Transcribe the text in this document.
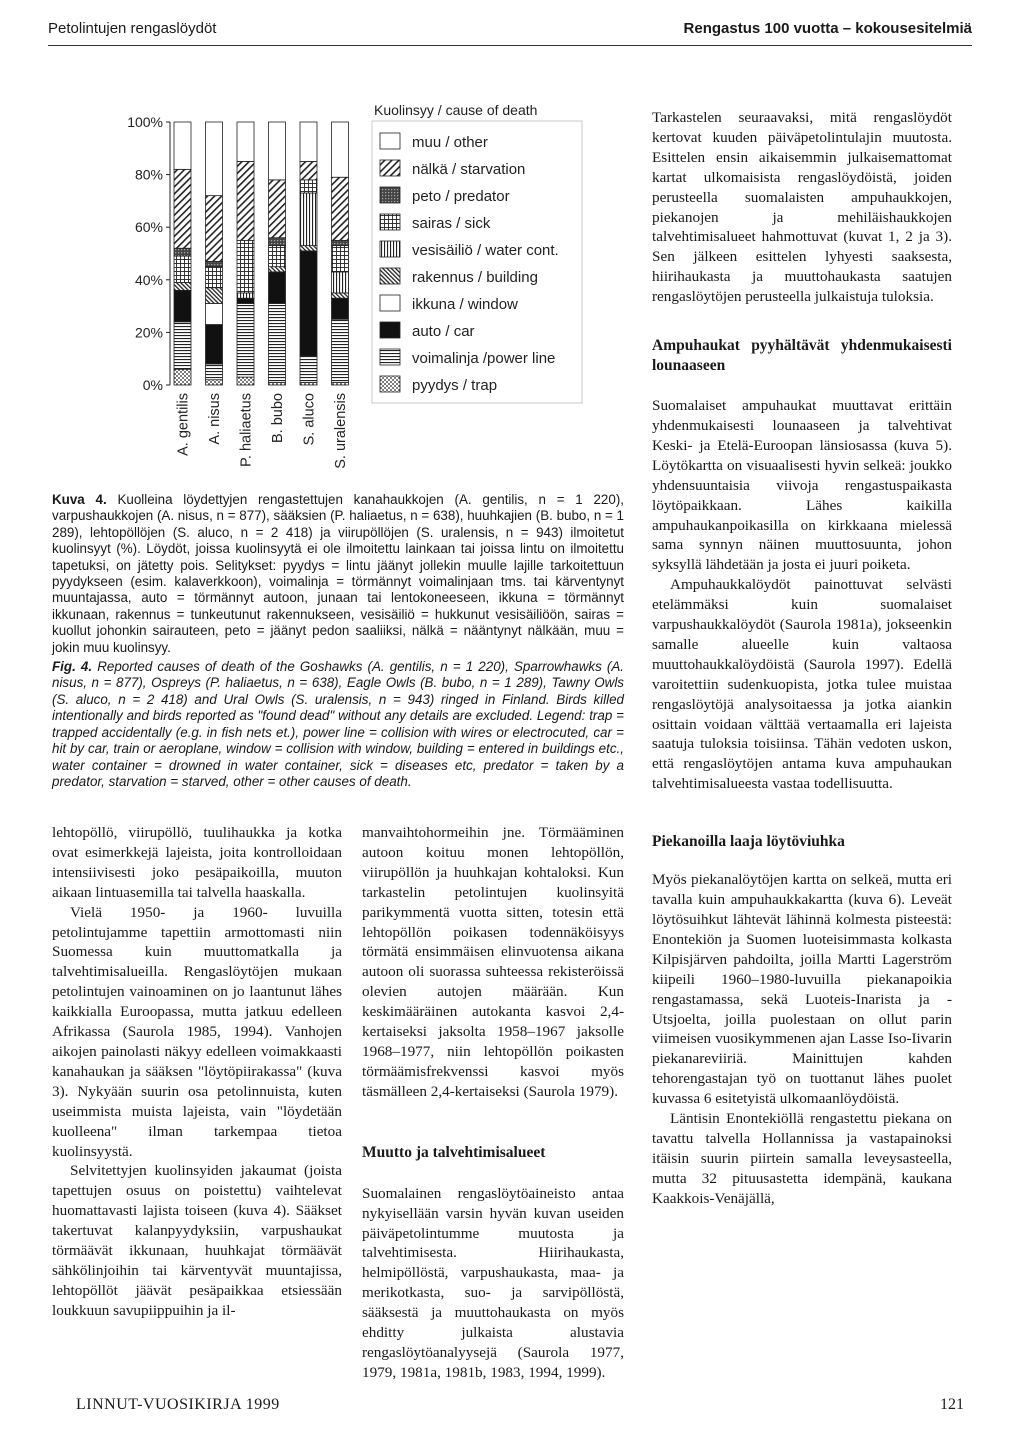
Petolintujen rengaslöydöt	Rengastus 100 vuotta – kokousesitelmiä
0%
20%
40%
60%
80%
100%
A. gentilis A. nisus P. haliaetus B. bubo S. aluco S. uralensis
Kuolinsyy / cause of death
muu / other
nälkä / starvation
peto / predator
sairas / sick
vesisäiliö / water cont.
rakennus / building
ikkuna / window
auto / car
voimalinja /power line
pyydys / trap

Kuva 4. Kuolleina löydettyjen rengastettujen kanahaukkojen (A. gentilis, n = 1 220), varpushaukkojen (A. nisus, n = 877), sääksien (P. haliaetus, n = 638), huuhkajien (B. bubo, n = 1 289), lehtopöllöjen (S. aluco, n = 2 418) ja viirupöllöjen (S. uralensis, n = 943) ilmoitetut kuolinsyyt (%). Löydöt, joissa kuolinsyytä ei ole ilmoitettu lainkaan tai joissa lintu on ilmoitettu tapetuksi, on jätetty pois. Selitykset: pyydys = lintu jäänyt jollekin muulle lajille tarkoitettuun pyydykseen (esim. kalaverkkoon), voimalinja = törmännyt voimalinjaan tms. tai kärventynyt muuntajassa, auto = törmännyt autoon, junaan tai lentokoneeseen, ikkuna = törmännyt ikkunaan, rakennus = tunkeutunut rakennukseen, vesisäiliö = hukkunut vesisäiliöön, sairas = kuollut johonkin sairauteen, peto = jäänyt pedon saaliiksi, nälkä = nääntynyt nälkään, muu = jokin muu kuolinsyy.

Fig. 4. Reported causes of death of the Goshawks (A. gentilis, n = 1 220), Sparrowhawks (A. nisus, n = 877), Ospreys (P. haliaetus, n = 638), Eagle Owls (B. bubo, n = 1 289), Tawny Owls (S. aluco, n = 2 418) and Ural Owls (S. uralensis, n = 943) ringed in Finland. Birds killed intentionally and birds reported as "found dead" without any details are excluded. Legend: trap = trapped accidentally (e.g. in fish nets et.), power line = collision with wires or electrocuted, car = hit by car, train or aeroplane, window = collision with window, building = entered in buildings etc., water container = drowned in water container, sick = diseases etc, predator = taken by a predator, starvation = starved, other = other causes of death.

lehtopöllö, viirupöllö, tuulihaukka ja kotka ovat esimerkkejä lajeista, joita kontrolloidaan intensiivisesti joko pesäpaikoilla, muuton aikaan lintuasemilla tai talvella haaskalla.

Vielä 1950- ja 1960- luvuilla petolintujamme tapettiin armottomasti niin Suomessa kuin muuttomatkalla ja talvehtimisalueilla. Rengaslöytöjen mukaan petolintujen vainoaminen on jo laantunut lähes kaikkialla Euroopassa, mutta jatkuu edelleen Afrikassa (Saurola 1985, 1994). Vanhojen aikojen painolasti näkyy edelleen voimakkaasti kanahaukan ja sääksen "löytöpiirakassa" (kuva 3). Nykyään suurin osa petolinnuista, kuten useimmista muista lajeista, vain "löydetään kuolleena" ilman tarkempaa tietoa kuolinsyystä.

Selvitettyjen kuolinsyiden jakaumat (joista tapettujen osuus on poistettu) vaihtelevat huomattavasti lajista toiseen (kuva 4). Sääkset takertuvat kalanpyydyksiin, varpushaukat törmäävät ikkunaan, huuhkajat törmäävät sähkölinjoihin tai kärventyvät muuntajissa, lehtopöllöt jäävät pesäpaikkaa etsiessään loukkuun savupiippuihin ja il-

manvaihtohormeihin jne. Törmääminen autoon koituu monen lehtopöllön, viirupöllön ja huuhkajan kohtaloksi. Kun tarkastelin petolintujen kuolinsyitä parikymmentä vuotta sitten, totesin että lehtopöllön poikasen todennäköisyys törmätä ensimmäisen elinvuotensa aikana autoon oli suorassa suhteessa rekisteröissä olevien autojen määrään. Kun keskimääräinen autokanta kasvoi 2,4-kertaiseksi jaksolta 1958–1967 jaksolle 1968–1977, niin lehtopöllön poikasten törmäämisfrekvenssi kasvoi myös täsmälleen 2,4-kertaiseksi (Saurola 1979).

Muutto ja talvehtimisalueet

Suomalainen rengaslöytöaineisto antaa nykyisellään varsin hyvän kuvan useiden päiväpetolintumme muutosta ja talvehtimisesta. Hiirihaukasta, helmipöllöstä, varpushaukasta, maa- ja merikotkasta, suo- ja sarvipöllöstä, sääksestä ja muuttohaukasta on myös ehditty julkaista alustavia rengaslöytöanalyysejä (Saurola 1977, 1979, 1981a, 1981b, 1983, 1994, 1999).

Tarkastelen seuraavaksi, mitä rengaslöydöt kertovat kuuden päiväpetolintulajin muutosta. Esittelen ensin aikaisemmin julkaisemattomat kartat ulkomaisista rengaslöydöistä, joiden perusteella suomalaisten ampuhaukkojen, piekanojen ja mehiläishaukkojen talvehtimisalueet hahmottuvat (kuvat 1, 2 ja 3). Sen jälkeen esittelen lyhyesti saaksesta, hiirihaukasta ja muuttohaukasta saatujen rengaslöytöjen perusteella julkaistuja tuloksia.

Ampuhaukat pyyhältävät yhdenmukaisesti lounaaseen

Suomalaiset ampuhaukat muuttavat erittäin yhdenmukaisesti lounaaseen ja talvehtivat Keski- ja Etelä-Euroopan länsiosassa (kuva 5). Löytökartta on visuaalisesti hyvin selkeä: joukko yhdensuuntaisia viivoja rengastuspaikasta löytöpaikkaan. Lähes kaikilla ampuhaukanpoikasilla on kirkkaana mielessä sama synnyn näinen muuttosuunta, johon syksyllä lähdetään ja josta ei juuri poiketa.

Ampuhaukkalöydöt painottuvat selvästi etelämmäksi kuin suomalaiset varpushaukkalöydöt (Saurola 1981a), jokseenkin samalle alueelle kuin valtaosa muuttohaukkalöydöistä (Saurola 1997). Edellä varoitettiin sudenkuopista, jotka tulee muistaa rengaslöytöjä analysoitaessa ja jotka aiankin osittain voidaan välttää vertaamalla eri lajeista saatuja tuloksia toisiinsa. Tähän vedoten uskon, että rengaslöytöjen antama kuva ampuhaukan talvehtimisalueesta vastaa todellisuutta.

Piekanoilla laaja löytöviuhka

Myös piekanalöytöjen kartta on selkeä, mutta eri tavalla kuin ampuhaukkakartta (kuva 6). Leveät löytösuihkut lähtevät lähinnä kolmesta pisteestä: Enontekiön ja Suomen luoteisimmasta kolkasta Kilpisjärven pahdoilta, joilla Martti Lagerström kiipeili 1960–1980-luvuilla piekanapoikia rengastamassa, sekä Luoteis-Inarista ja -Utsjoelta, joilla puolestaan on ollut parin viimeisen vuosikymmenen ajan Lasse Iso-Iivarin piekanareviiriä. Mainittujen kahden tehorengastajan työ on tuottanut lähes puolet kuvassa 6 esitetyistä ulkomaanlöydöistä.

Läntisin Enontekiöllä rengastettu piekana on tavattu talvella Hollannissa ja vastapainoksi itäisin suurin piirtein samalla leveysasteella, mutta 32 pituusastetta idempänä, kaukana Kaakkois-Venäjällä,

LINNUT-VUOSIKIRJA 1999	121
